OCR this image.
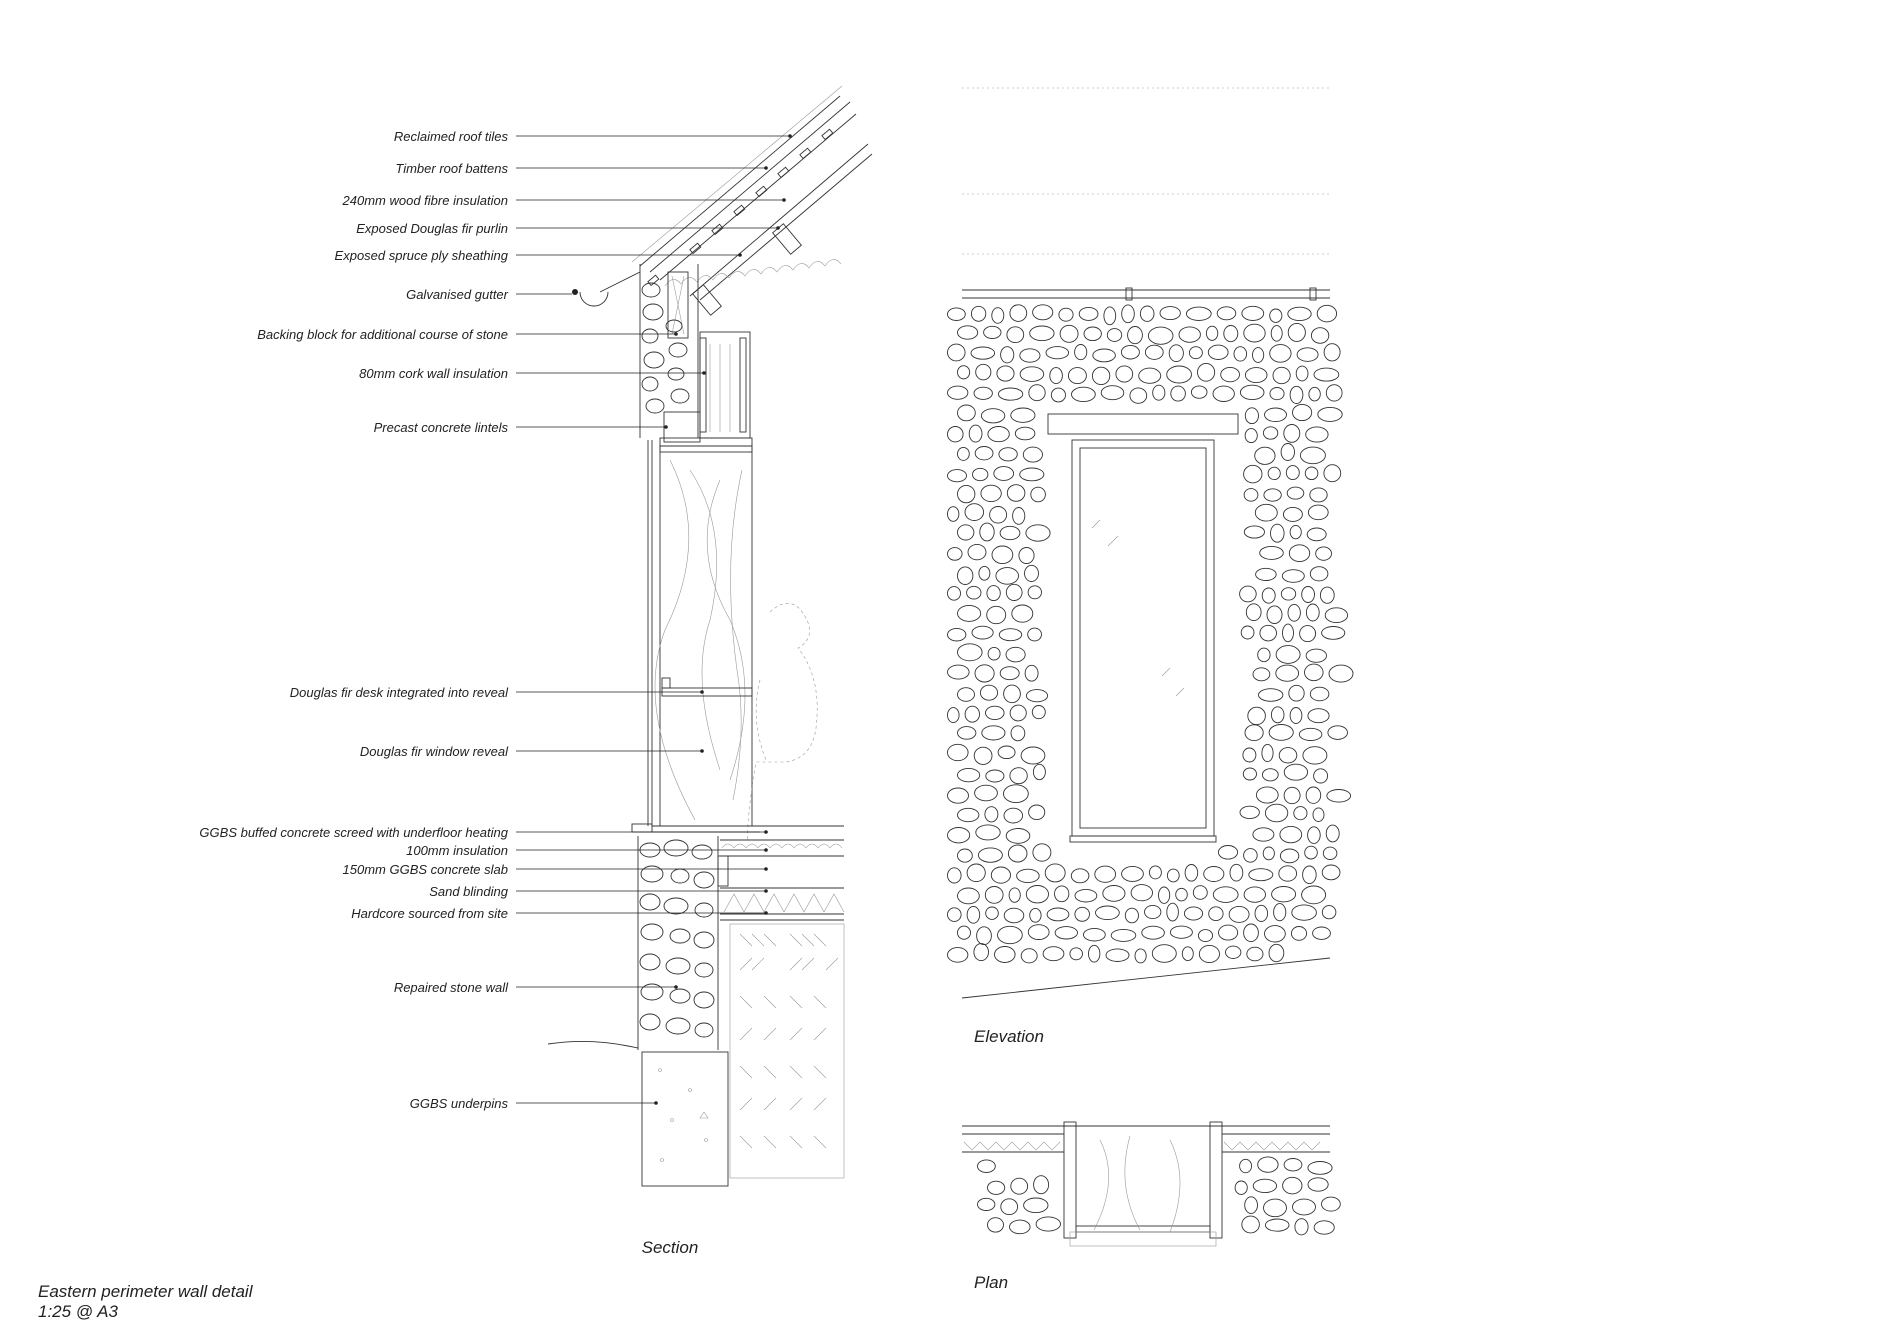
Reclaimed roof tiles
Timber roof battens
240mm wood fibre insulation
Exposed Douglas fir purlin
Exposed spruce ply sheathing
Galvanised gutter
Backing block for additional course of stone
80mm cork wall insulation
Precast concrete lintels
Douglas fir desk integrated into reveal
Douglas fir window reveal
GGBS buffed concrete screed with underfloor heating
100mm insulation
150mm GGBS concrete slab
Sand blinding
Hardcore sourced from site
Repaired stone wall
GGBS underpins
Section
Elevation
Plan
Eastern perimeter wall detail
1:25 @ A3
